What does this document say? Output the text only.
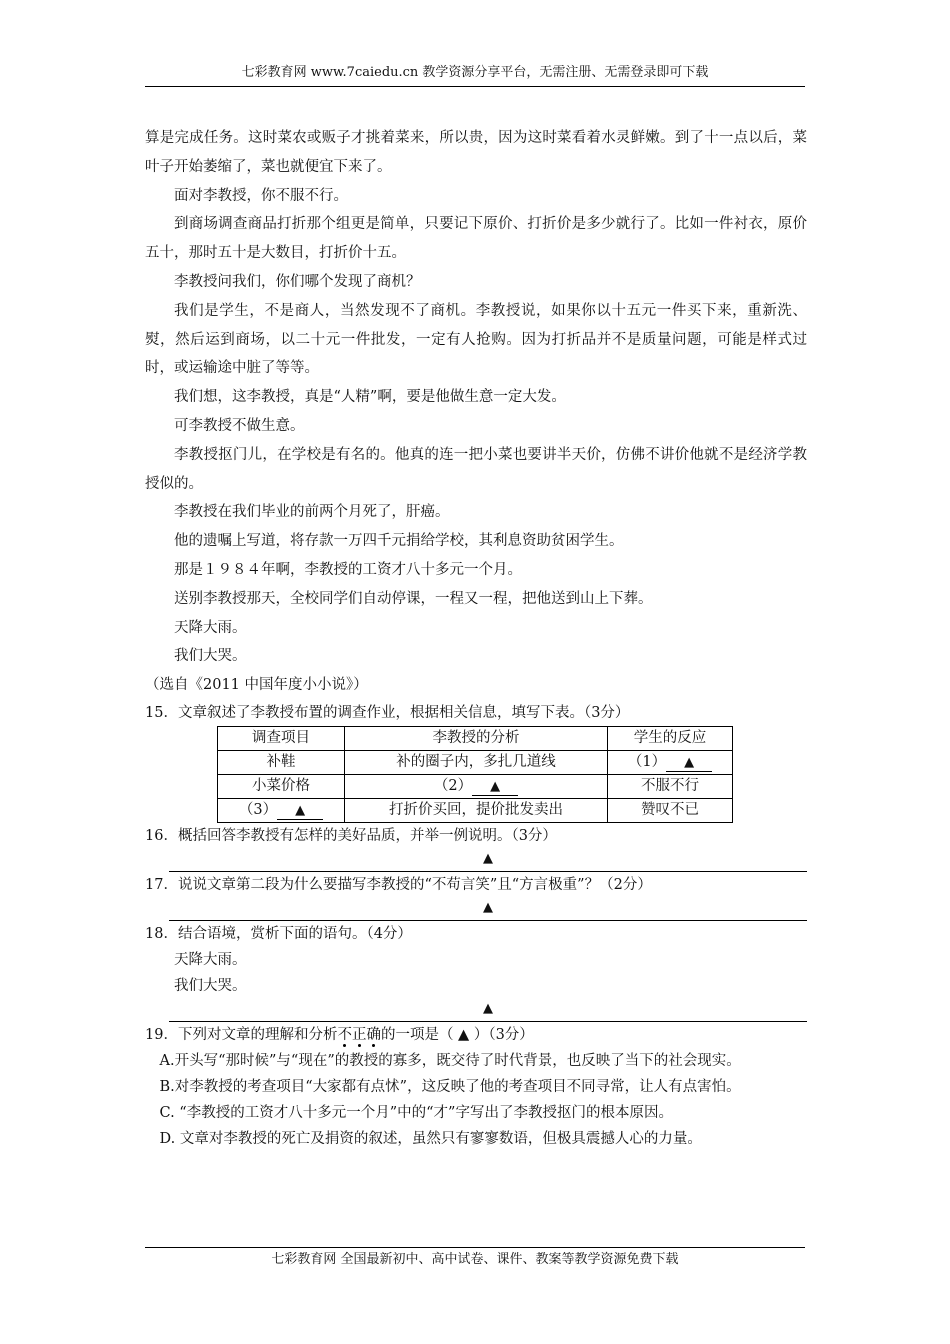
七彩教育网 www.7caiedu.cn 教学资源分享平台，无需注册、无需登录即可下载

算是完成任务。这时菜农或贩子才挑着菜来，所以贵，因为这时菜看着水灵鲜嫩。到了十一点以后，菜叶子开始萎缩了，菜也就便宜下来了。

面对李教授，你不服不行。

到商场调查商品打折那个组更是简单，只要记下原价、打折价是多少就行了。比如一件衬衣，原价五十，那时五十是大数目，打折价十五。

李教授问我们，你们哪个发现了商机？

我们是学生，不是商人，当然发现不了商机。李教授说，如果你以十五元一件买下来，重新洗、熨，然后运到商场，以二十元一件批发，一定有人抢购。因为打折品并不是质量问题，可能是样式过时，或运输途中脏了等等。

我们想，这李教授，真是“人精”啊，要是他做生意一定大发。

可李教授不做生意。

李教授抠门儿，在学校是有名的。他真的连一把小菜也要讲半天价，仿佛不讲价他就不是经济学教授似的。

李教授在我们毕业的前两个月死了，肝癌。

他的遗嘱上写道，将存款一万四千元捐给学校，其利息资助贫困学生。

那是１９８４年啊，李教授的工资才八十多元一个月。

送别李教授那天，全校同学们自动停课，一程又一程，把他送到山上下葬。

天降大雨。

我们大哭。

（选自《2011 中国年度小小说》）

15．文章叙述了李教授布置的调查作业，根据相关信息，填写下表。（3分）

调查项目	李教授的分析	学生的反应
补鞋	补的圈子内，多扎几道线	（1） ▲
小菜价格	（2） ▲	不服不行
（3） ▲	打折价买回，提价批发卖出	赞叹不已

16．概括回答李教授有怎样的美好品质，并举一例说明。（3分）

▲

17．说说文章第二段为什么要描写李教授的“不苟言笑”且“方言极重”？（2分）

▲

18．结合语境，赏析下面的语句。（4分）

天降大雨。

我们大哭。

▲

19．下列对文章的理解和分析不正确的一项是（ ▲ ）（3分）

A.开头写“那时候”与“现在”的教授的寡多，既交待了时代背景，也反映了当下的社会现实。

B.对李教授的考查项目“大家都有点怵”，这反映了他的考查项目不同寻常，让人有点害怕。

C. “李教授的工资才八十多元一个月”中的“才”字写出了李教授抠门的根本原因。

D. 文章对李教授的死亡及捐资的叙述，虽然只有寥寥数语，但极具震撼人心的力量。

七彩教育网 全国最新初中、高中试卷、课件、教案等教学资源免费下载
